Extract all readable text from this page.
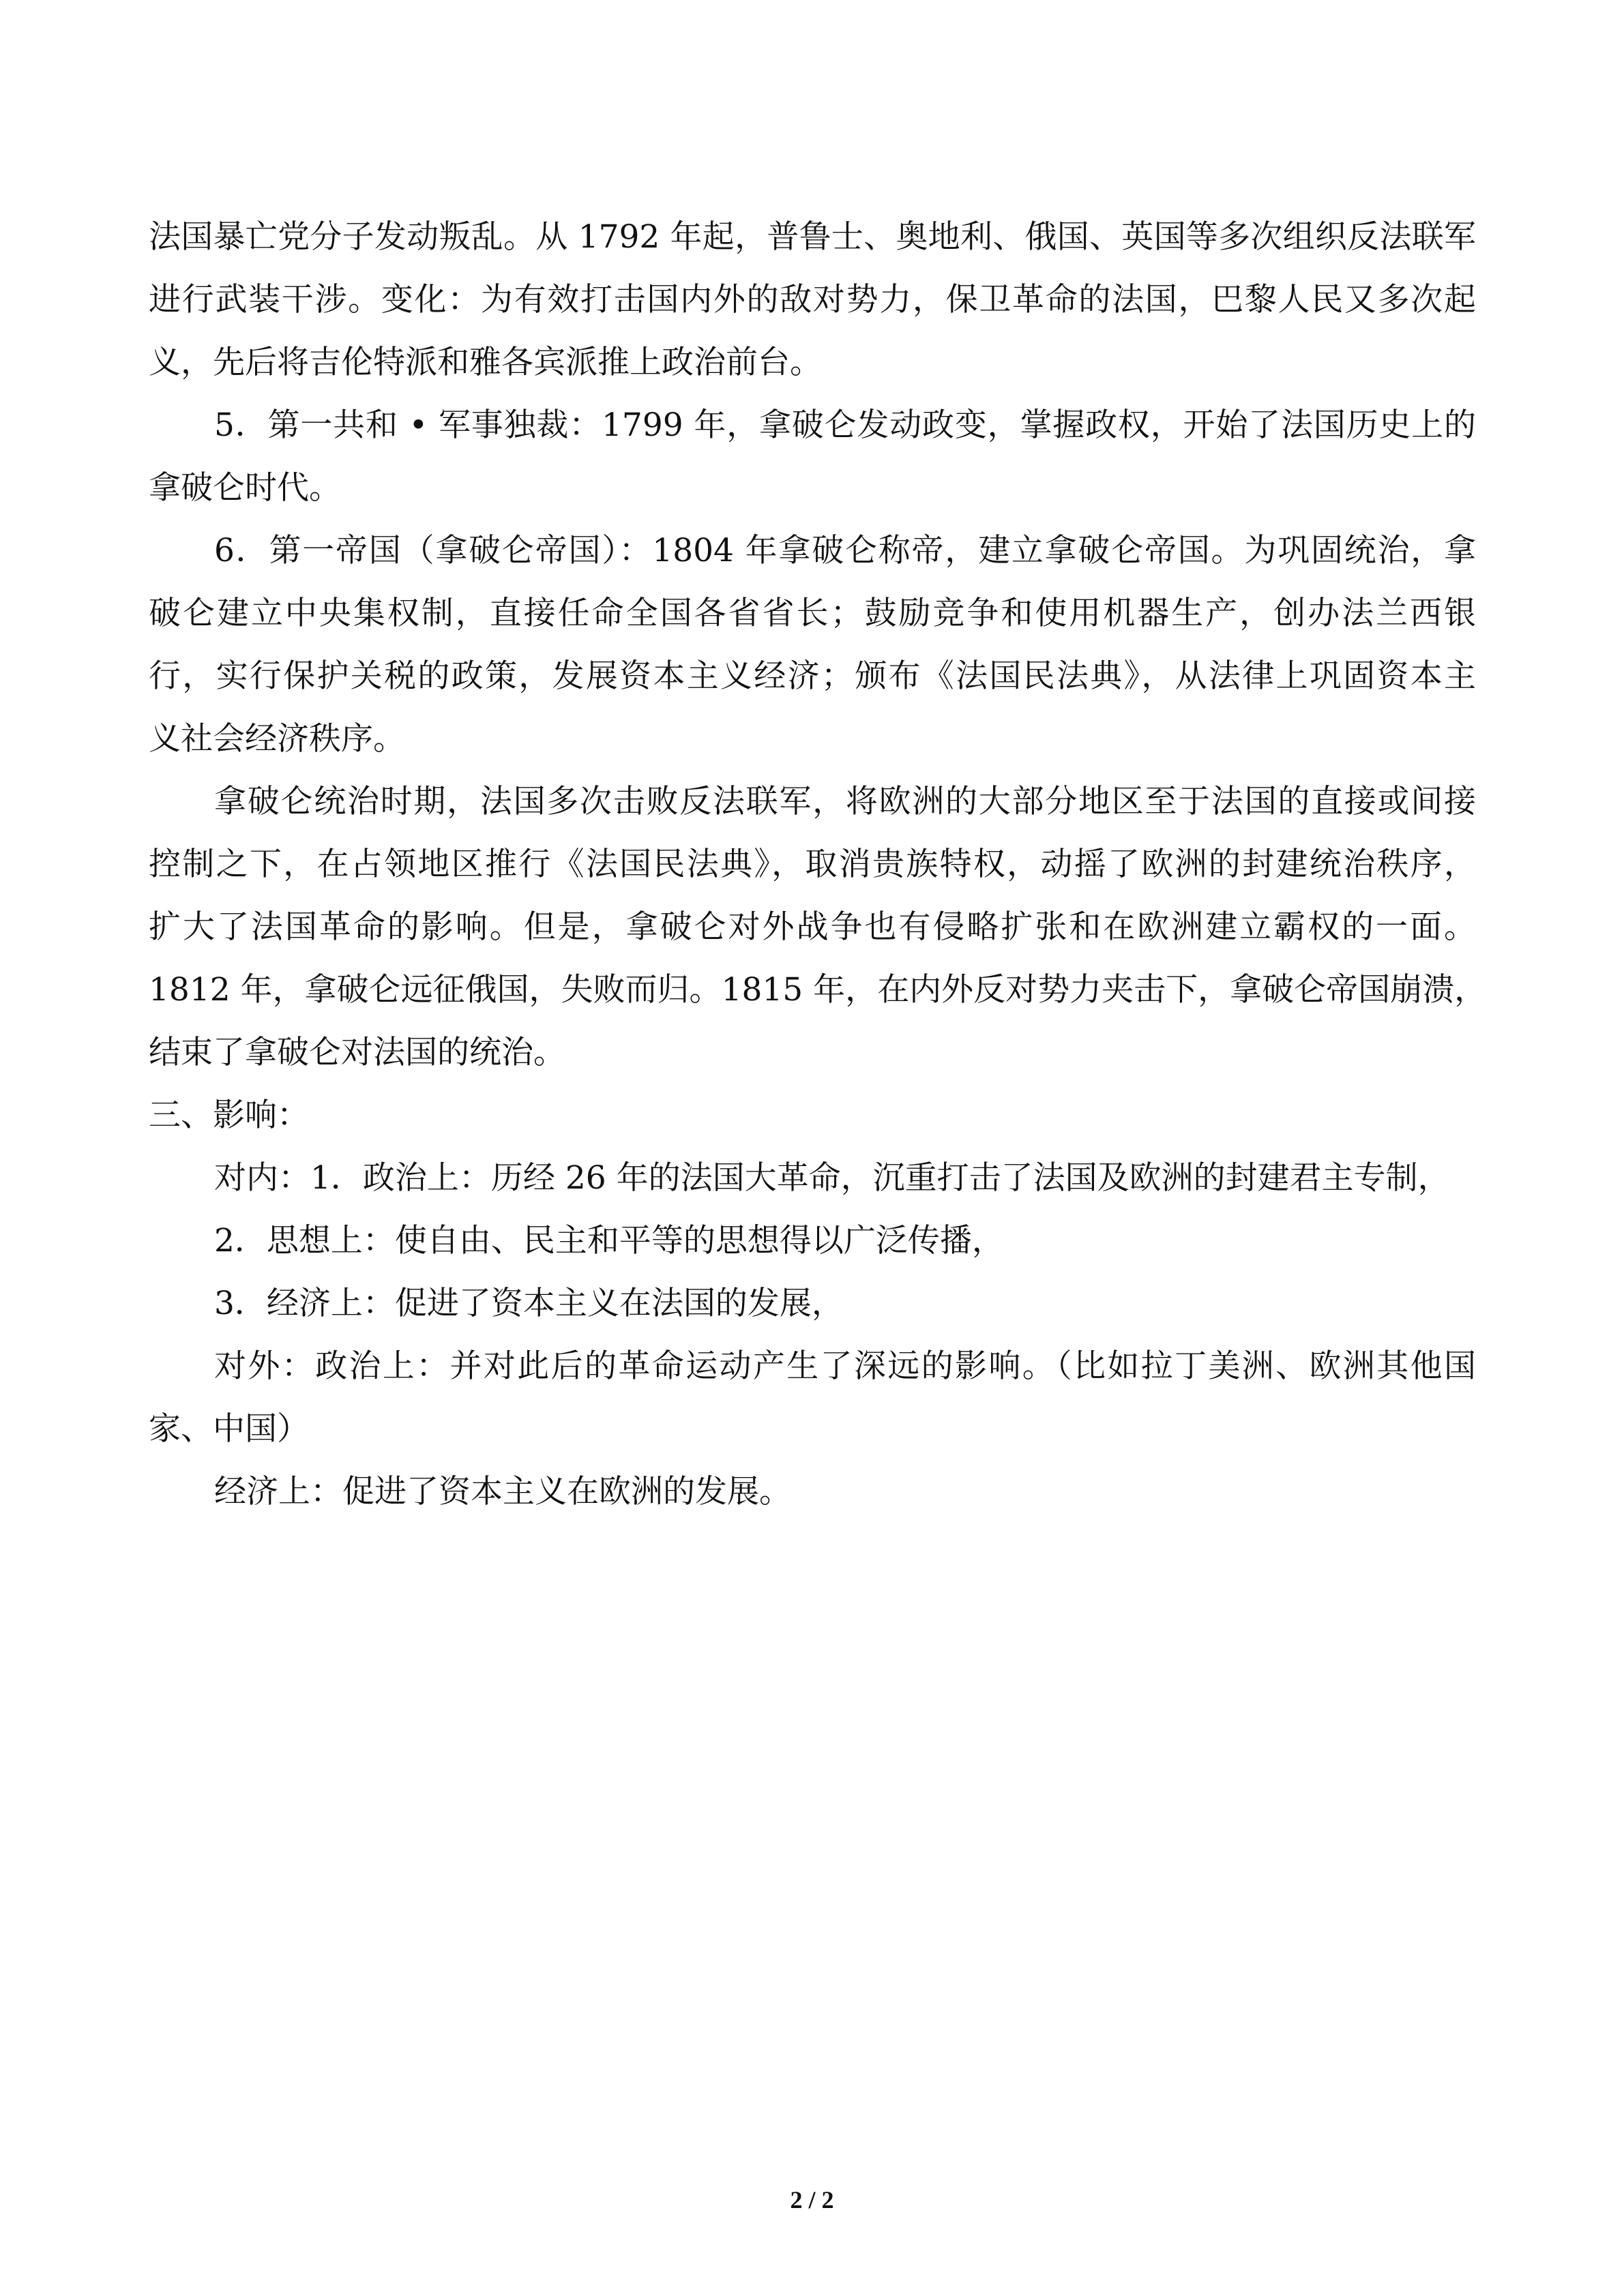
法国暴亡党分子发动叛乱。从 1792 年起，普鲁士、奥地利、俄国、英国等多次组织反法联军
进行武装干涉。变化：为有效打击国内外的敌对势力，保卫革命的法国，巴黎人民又多次起
义，先后将吉伦特派和雅各宾派推上政治前台。
5．第一共和 • 军事独裁：1799 年，拿破仑发动政变，掌握政权，开始了法国历史上的
拿破仑时代。
6．第一帝国（拿破仑帝国）：1804 年拿破仑称帝，建立拿破仑帝国。为巩固统治，拿
破仑建立中央集权制，直接任命全国各省省长；鼓励竞争和使用机器生产，创办法兰西银
行，实行保护关税的政策，发展资本主义经济；颁布《法国民法典》，从法律上巩固资本主
义社会经济秩序。
拿破仑统治时期，法国多次击败反法联军，将欧洲的大部分地区至于法国的直接或间接
控制之下，在占领地区推行《法国民法典》，取消贵族特权，动摇了欧洲的封建统治秩序，
扩大了法国革命的影响。但是，拿破仑对外战争也有侵略扩张和在欧洲建立霸权的一面。
1812 年，拿破仑远征俄国，失败而归。1815 年，在内外反对势力夹击下，拿破仑帝国崩溃，
结束了拿破仑对法国的统治。
三、影响：
对内：1．政治上：历经 26 年的法国大革命，沉重打击了法国及欧洲的封建君主专制，
2．思想上：使自由、民主和平等的思想得以广泛传播，
3．经济上：促进了资本主义在法国的发展，
对外：政治上：并对此后的革命运动产生了深远的影响。（比如拉丁美洲、欧洲其他国
家、中国）
经济上：促进了资本主义在欧洲的发展。
2 / 2
